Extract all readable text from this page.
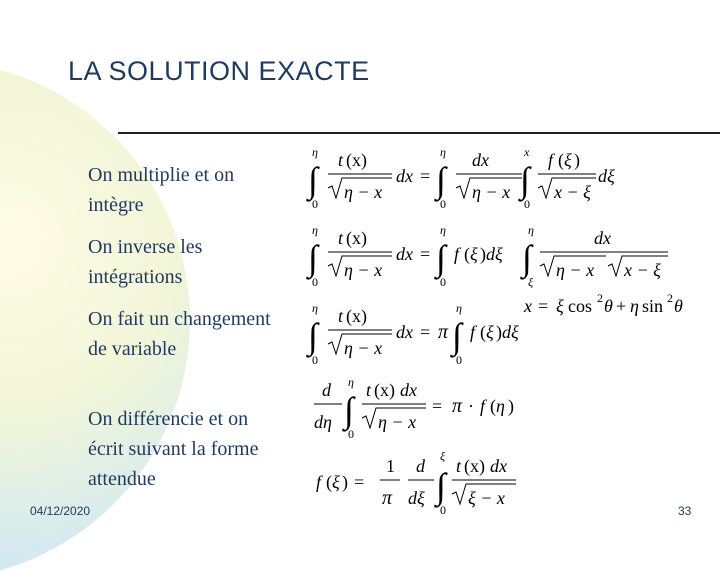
LA SOLUTION EXACTE
On multiplie et on intègre
On inverse les intégrations
On fait un changement de variable
On différencie et on écrit suivant la forme attendue
η
∫
0
t (x)
η − x
dx =
η
∫
0
dx
η − x
x
∫
0
f ( ξ )
x − ξ
dξ
η
∫
0
t (x)
η − x
dx =
η
∫
0
f ( ξ ) dξ
η
∫
ξ
dx
η − x x − ξ
η
∫
0
t (x)
η − x
dx = π
η
∫
0
f ( ξ ) dξ
x = ξ cos 2 θ + η sin 2 θ
d
dη
η
∫
0
t (x) dx
η − x
= π · f ( η )
f ( ξ ) =
1
π
d
dξ
ξ
∫
0
t (x) dx
ξ − x
04/12/2020	33
